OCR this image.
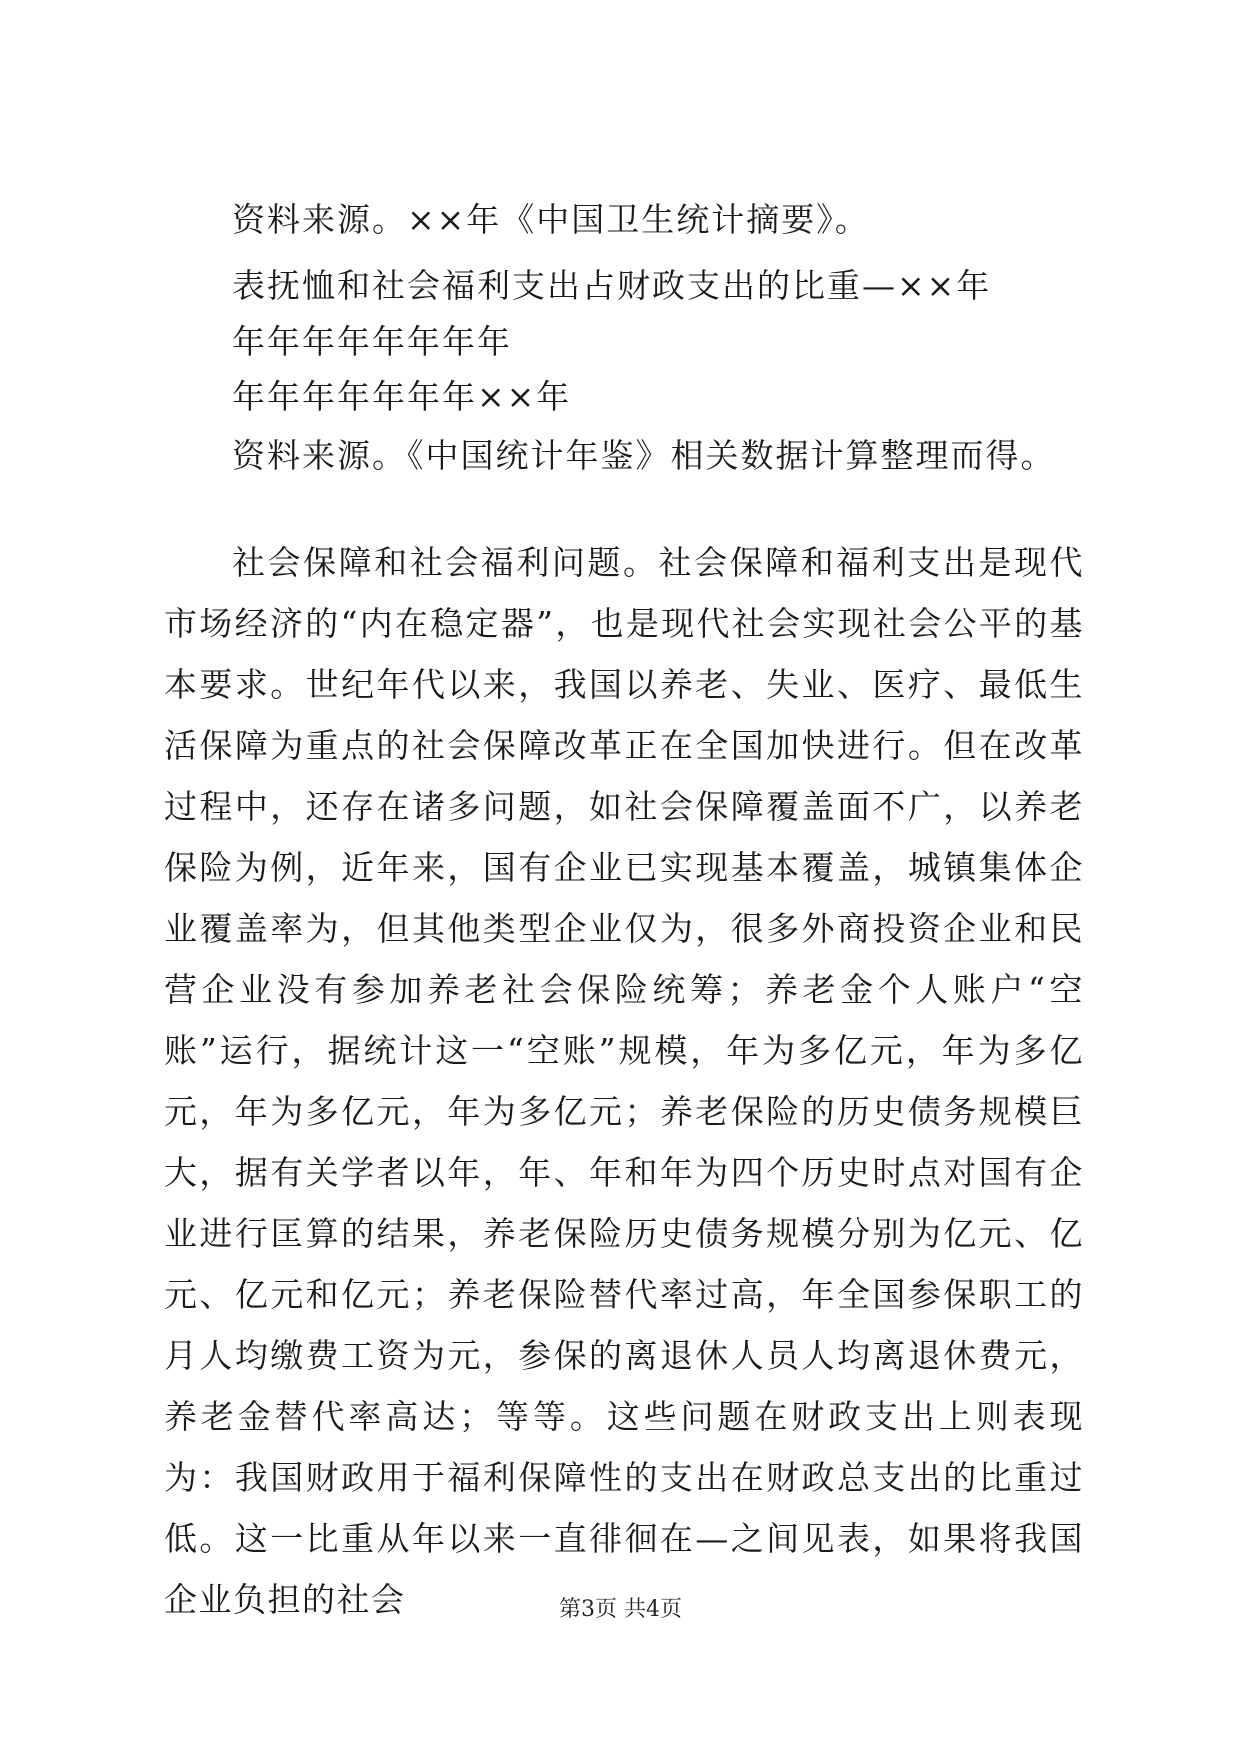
资料来源。××年《中国卫生统计摘要》。
表抚恤和社会福利支出占财政支出的比重—××年
年年年年年年年年
年年年年年年年××年
资料来源。《中国统计年鉴》相关数据计算整理而得。

社会保障和社会福利问题。社会保障和福利支出是现代市场经济的“内在稳定器”，也是现代社会实现社会公平的基本要求。世纪年代以来，我国以养老、失业、医疗、最低生活保障为重点的社会保障改革正在全国加快进行。但在改革过程中，还存在诸多问题，如社会保障覆盖面不广，以养老保险为例，近年来，国有企业已实现基本覆盖，城镇集体企业覆盖率为，但其他类型企业仅为，很多外商投资企业和民营企业没有参加养老社会保险统筹；养老金个人账户“空账”运行，据统计这一“空账”规模，年为多亿元，年为多亿元，年为多亿元，年为多亿元；养老保险的历史债务规模巨大，据有关学者以年，年、年和年为四个历史时点对国有企业进行匡算的结果，养老保险历史债务规模分别为亿元、亿元、亿元和亿元；养老保险替代率过高，年全国参保职工的月人均缴费工资为元，参保的离退休人员人均离退休费元，养老金替代率高达；等等。这些问题在财政支出上则表现为：我国财政用于福利保障性的支出在财政总支出的比重过低。这一比重从年以来一直徘徊在—之间见表，如果将我国企业负担的社会	第3页 共4页
